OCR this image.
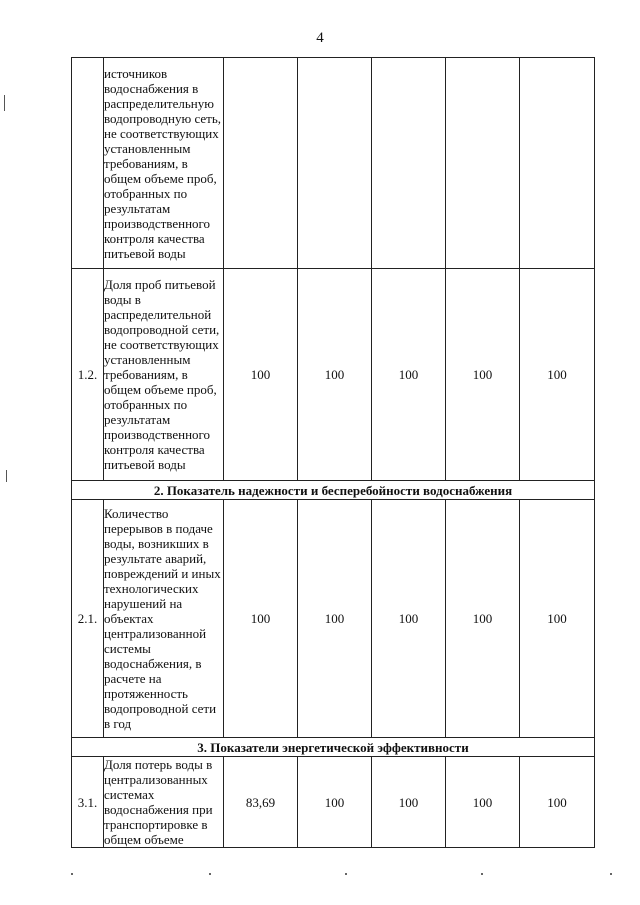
4
	источников водоснабжения в распределительную водопроводную сеть, не соответствующих установленным требованиям, в общем объеме проб, отобранных по результатам производственного контроля качества питьевой воды					
1.2.	Доля проб питьевой воды в распределительной водопроводной сети, не соответствующих установленным требованиям, в общем объеме проб, отобранных по результатам производственного контроля качества питьевой воды	100	100	100	100	100
2. Показатель надежности и бесперебойности водоснабжения						
2.1.	Количество перерывов в подаче воды, возникших в результате аварий, повреждений и иных технологических нарушений на объектах централизованной системы водоснабжения, в расчете на протяженность водопроводной сети в год	100	100	100	100	100
3. Показатели энергетической эффективности						
3.1.	Доля потерь воды в централизованных системах водоснабжения при транспортировке в общем объеме	83,69	100	100	100	100
